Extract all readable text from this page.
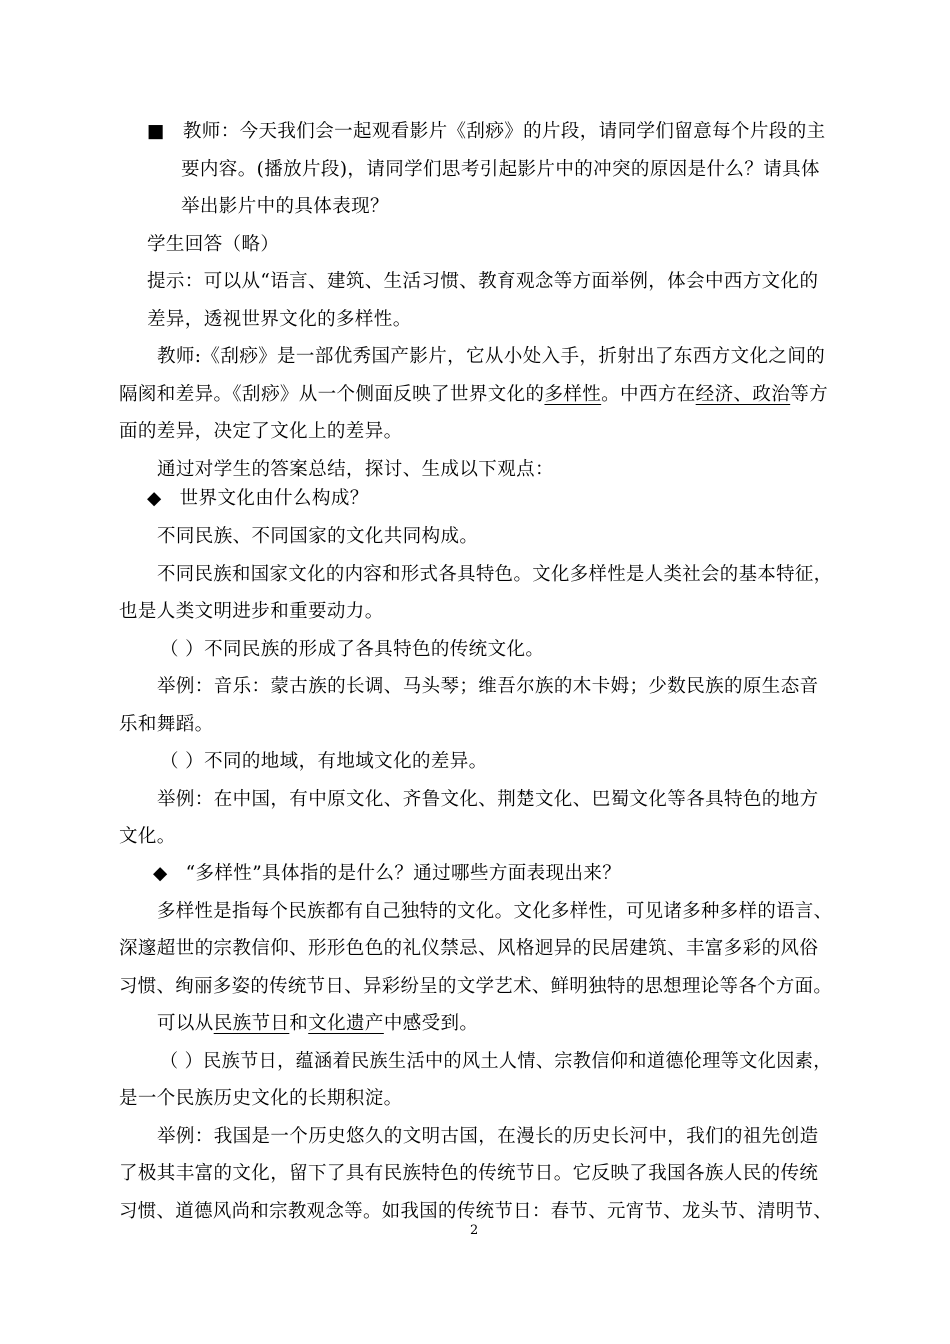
■ 教师：今天我们会一起观看影片《刮痧》的片段，请同学们留意每个片段的主
要内容。(播放片段)，请同学们思考引起影片中的冲突的原因是什么？请具体
举出影片中的具体表现？
学生回答（略）
提示：可以从“语言、建筑、生活习惯、教育观念等方面举例，体会中西方文化的
差异，透视世界文化的多样性。
教师:《刮痧》是一部优秀国产影片，它从小处入手，折射出了东西方文化之间的
隔阂和差异。《刮痧》从一个侧面反映了世界文化的多样性。中西方在经济、政治等方
面的差异，决定了文化上的差异。
通过对学生的答案总结，探讨、生成以下观点：
◆ 世界文化由什么构成？
不同民族、不同国家的文化共同构成。
不同民族和国家文化的内容和形式各具特色。文化多样性是人类社会的基本特征，
也是人类文明进步和重要动力。
（ ）不同民族的形成了各具特色的传统文化。
举例：音乐：蒙古族的长调、马头琴；维吾尔族的木卡姆；少数民族的原生态音
乐和舞蹈。
（ ）不同的地域，有地域文化的差异。
举例：在中国，有中原文化、齐鲁文化、荆楚文化、巴蜀文化等各具特色的地方
文化。
◆ “多样性”具体指的是什么？通过哪些方面表现出来？
多样性是指每个民族都有自己独特的文化。文化多样性，可见诸多种多样的语言、
深邃超世的宗教信仰、形形色色的礼仪禁忌、风格迥异的民居建筑、丰富多彩的风俗
习惯、绚丽多姿的传统节日、异彩纷呈的文学艺术、鲜明独特的思想理论等各个方面。
可以从民族节日和文化遗产中感受到。
（ ）民族节日，蕴涵着民族生活中的风土人情、宗教信仰和道德伦理等文化因素，
是一个民族历史文化的长期积淀。
举例：我国是一个历史悠久的文明古国，在漫长的历史长河中，我们的祖先创造
了极其丰富的文化，留下了具有民族特色的传统节日。它反映了我国各族人民的传统
习惯、道德风尚和宗教观念等。如我国的传统节日：春节、元宵节、龙头节、清明节、
2
